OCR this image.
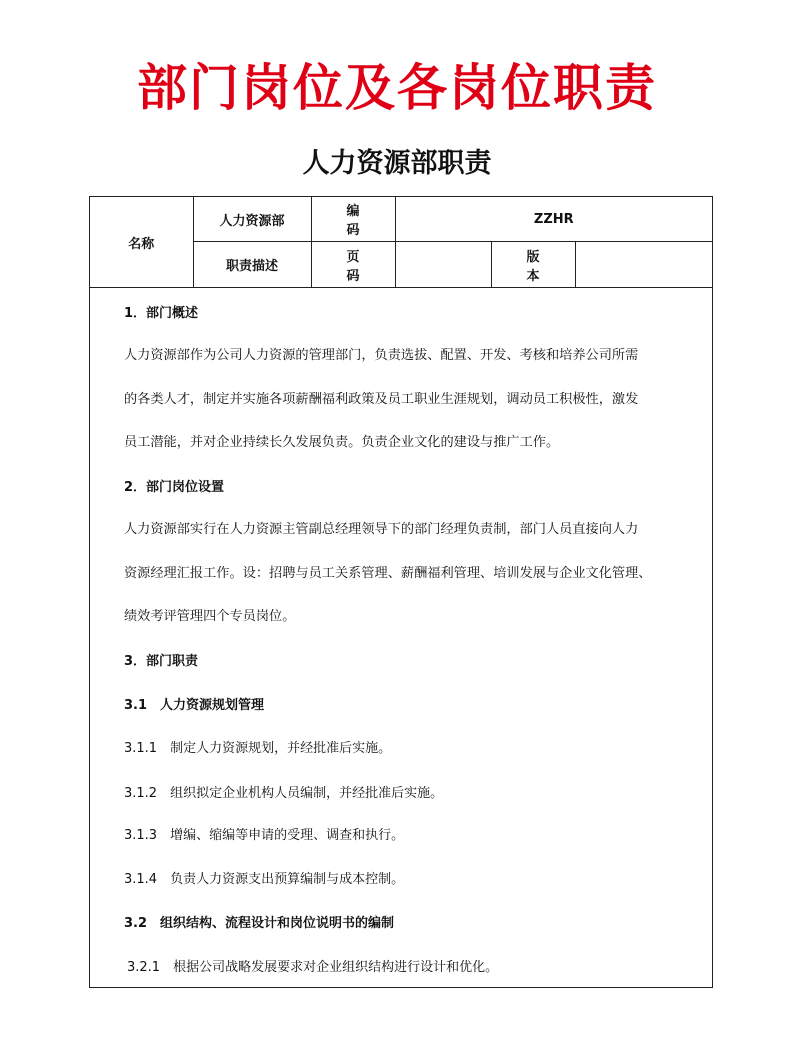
部门岗位及各岗位职责
人力资源部职责
名称	人力资源部	编 码	ZZHR		
	职责描述	页 码		版 本	
1．部门概述
人力资源部作为公司人力资源的管理部门，负责选拔、配置、开发、考核和培养公司所需
的各类人才，制定并实施各项薪酬福利政策及员工职业生涯规划，调动员工积极性，激发
员工潜能，并对企业持续长久发展负责。负责企业文化的建设与推广工作。
2．部门岗位设置
人力资源部实行在人力资源主管副总经理领导下的部门经理负责制，部门人员直接向人力
资源经理汇报工作。设：招聘与员工关系管理、薪酬福利管理、培训发展与企业文化管理、
绩效考评管理四个专员岗位。
3．部门职责
3.1　人力资源规划管理
3.1.1　制定人力资源规划，并经批准后实施。
3.1.2　组织拟定企业机构人员编制，并经批准后实施。
3.1.3　增编、缩编等申请的受理、调查和执行。
3.1.4　负责人力资源支出预算编制与成本控制。
3.2　组织结构、流程设计和岗位说明书的编制
3.2.1　根据公司战略发展要求对企业组织结构进行设计和优化。
